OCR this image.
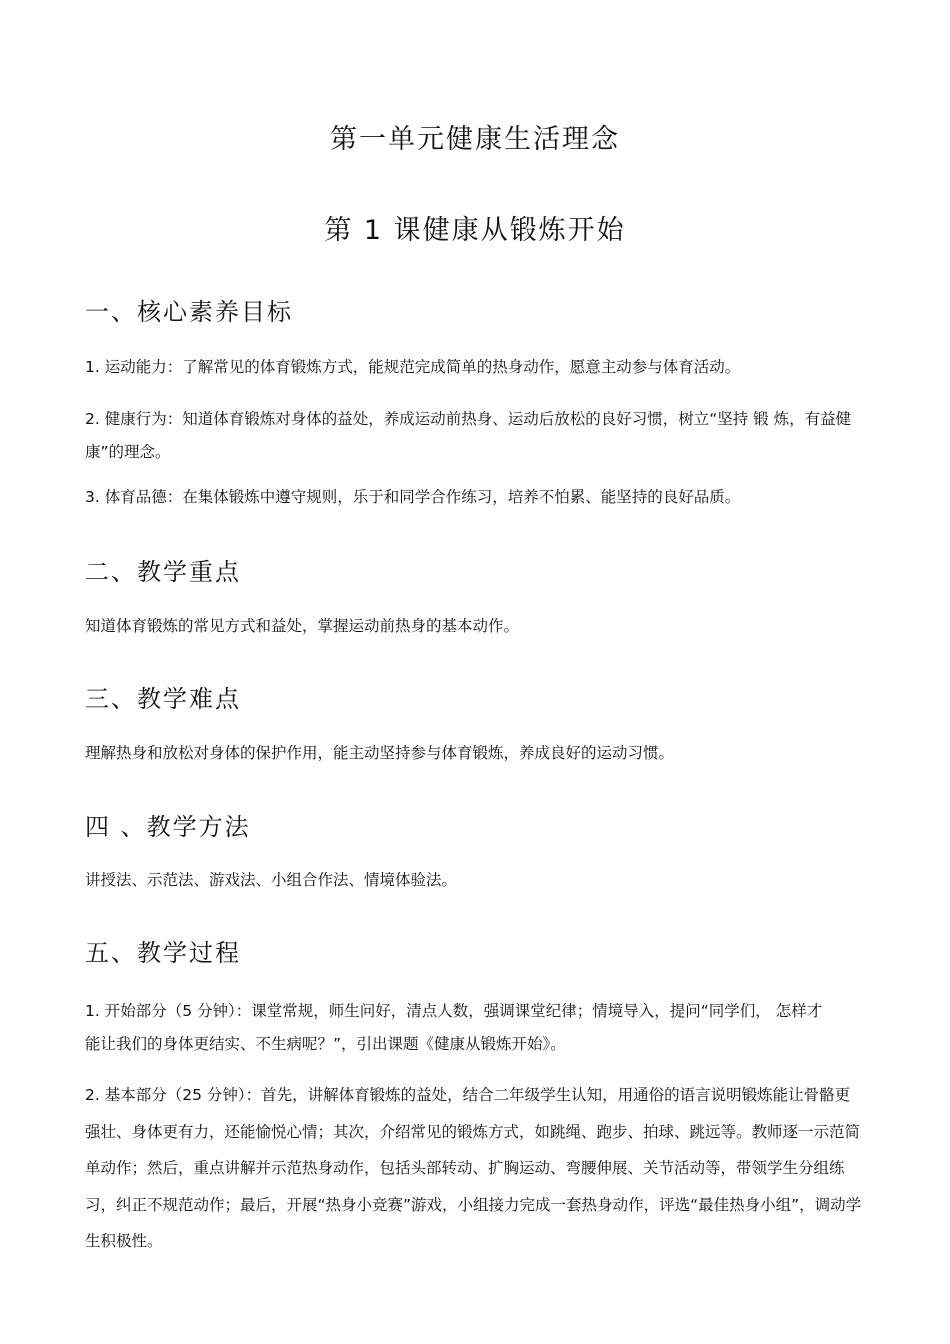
第一单元健康生活理念
第 1 课健康从锻炼开始
一、核心素养目标

1. 运动能力：了解常见的体育锻炼方式，能规范完成简单的热身动作，愿意主动参与体育活动。

2. 健康行为：知道体育锻炼对身体的益处，养成运动前热身、运动后放松的良好习惯，树立“坚持 锻 炼，有益健康”的理念。

3. 体育品德：在集体锻炼中遵守规则，乐于和同学合作练习，培养不怕累、能坚持的良好品质。

二、教学重点

知道体育锻炼的常见方式和益处，掌握运动前热身的基本动作。

三、教学难点

理解热身和放松对身体的保护作用，能主动坚持参与体育锻炼，养成良好的运动习惯。

四 、教学方法

讲授法、示范法、游戏法、小组合作法、情境体验法。

五、教学过程

1. 开始部分（5 分钟）：课堂常规，师生问好，清点人数，强调课堂纪律；情境导入，提问“同学们， 怎样才能让我们的身体更结实、不生病呢？”，引出课题《健康从锻炼开始》。

2. 基本部分（25 分钟）：首先，讲解体育锻炼的益处，结合二年级学生认知，用通俗的语言说明锻炼能让骨骼更强壮、身体更有力，还能愉悦心情；其次，介绍常见的锻炼方式，如跳绳、跑步、拍球、跳远等。教师逐一示范简单动作；然后，重点讲解并示范热身动作，包括头部转动、扩胸运动、弯腰伸展、关节活动等，带领学生分组练习，纠正不规范动作；最后，开展“热身小竞赛”游戏，小组接力完成一套热身动作，评选“最佳热身小组”，调动学生积极性。
